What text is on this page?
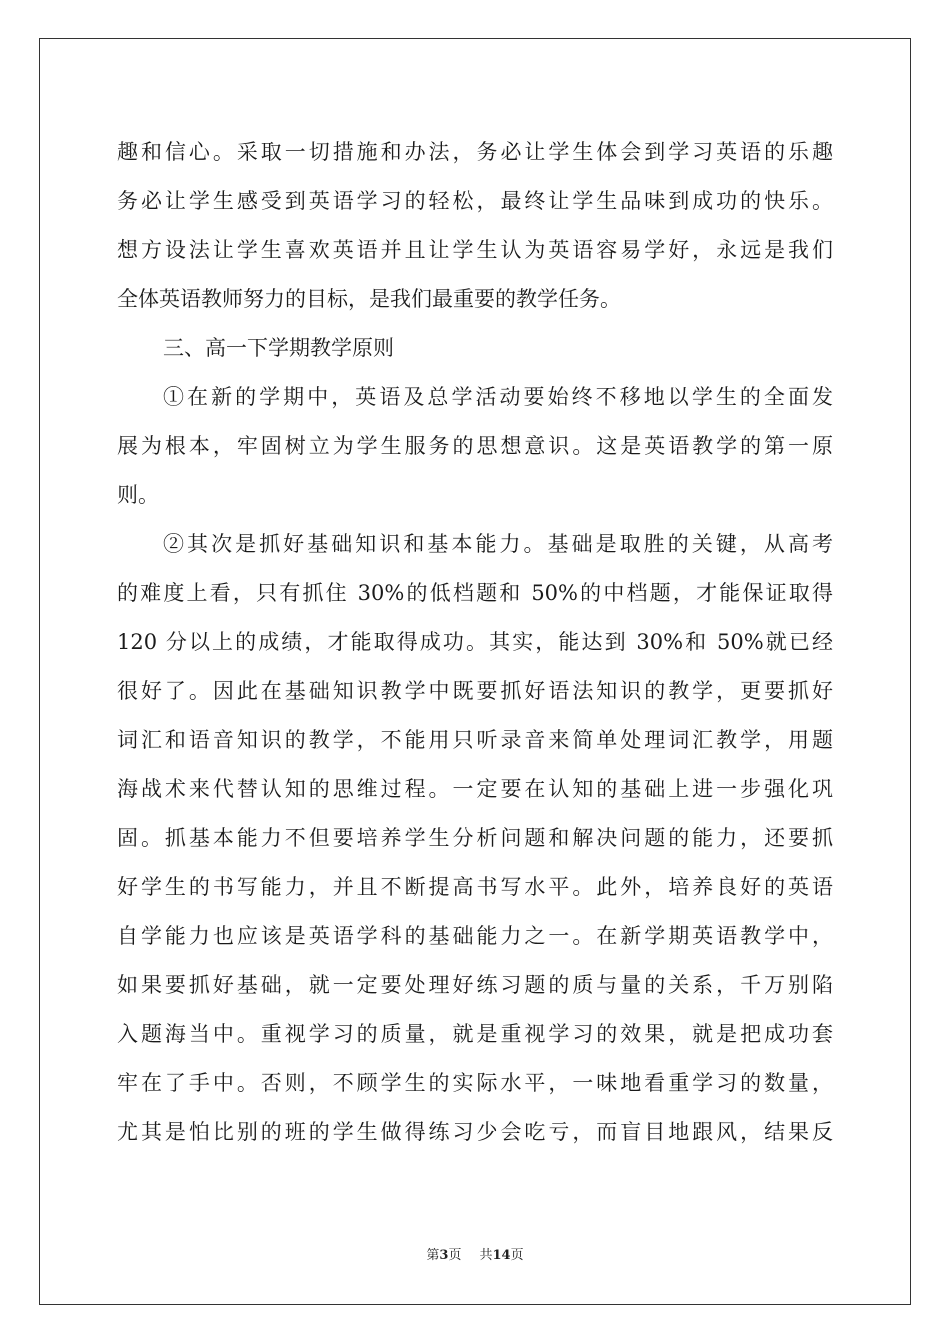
趣和信心。采取一切措施和办法，务必让学生体会到学习英语的乐趣
务必让学生感受到英语学习的轻松，最终让学生品味到成功的快乐。
想方设法让学生喜欢英语并且让学生认为英语容易学好，永远是我们
全体英语教师努力的目标，是我们最重要的教学任务。
三、高一下学期教学原则
①在新的学期中，英语及总学活动要始终不移地以学生的全面发
展为根本，牢固树立为学生服务的思想意识。这是英语教学的第一原
则。
②其次是抓好基础知识和基本能力。基础是取胜的关键，从高考
的难度上看，只有抓住 30%的低档题和 50%的中档题，才能保证取得
120 分以上的成绩，才能取得成功。其实，能达到 30%和 50%就已经
很好了。因此在基础知识教学中既要抓好语法知识的教学，更要抓好
词汇和语音知识的教学，不能用只听录音来简单处理词汇教学，用题
海战术来代替认知的思维过程。一定要在认知的基础上进一步强化巩
固。抓基本能力不但要培养学生分析问题和解决问题的能力，还要抓
好学生的书写能力，并且不断提高书写水平。此外，培养良好的英语
自学能力也应该是英语学科的基础能力之一。在新学期英语教学中，
如果要抓好基础，就一定要处理好练习题的质与量的关系，千万别陷
入题海当中。重视学习的质量，就是重视学习的效果，就是把成功套
牢在了手中。否则，不顾学生的实际水平，一味地看重学习的数量，
尤其是怕比别的班的学生做得练习少会吃亏，而盲目地跟风，结果反
第3页 共14页
